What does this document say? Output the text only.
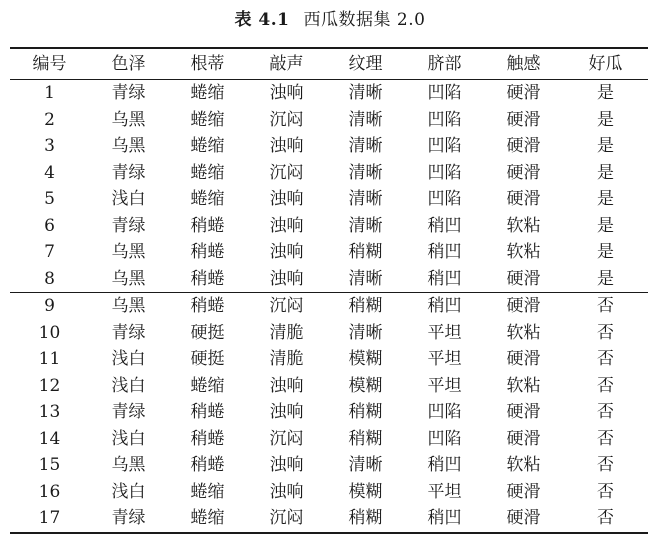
表 4.1 西瓜数据集 2.0
编号	色泽	根蒂	敲声	纹理	脐部	触感	好瓜
1	青绿	蜷缩	浊响	清晰	凹陷	硬滑	是
2	乌黑	蜷缩	沉闷	清晰	凹陷	硬滑	是
3	乌黑	蜷缩	浊响	清晰	凹陷	硬滑	是
4	青绿	蜷缩	沉闷	清晰	凹陷	硬滑	是
5	浅白	蜷缩	浊响	清晰	凹陷	硬滑	是
6	青绿	稍蜷	浊响	清晰	稍凹	软粘	是
7	乌黑	稍蜷	浊响	稍糊	稍凹	软粘	是
8	乌黑	稍蜷	浊响	清晰	稍凹	硬滑	是
9	乌黑	稍蜷	沉闷	稍糊	稍凹	硬滑	否
10	青绿	硬挺	清脆	清晰	平坦	软粘	否
11	浅白	硬挺	清脆	模糊	平坦	硬滑	否
12	浅白	蜷缩	浊响	模糊	平坦	软粘	否
13	青绿	稍蜷	浊响	稍糊	凹陷	硬滑	否
14	浅白	稍蜷	沉闷	稍糊	凹陷	硬滑	否
15	乌黑	稍蜷	浊响	清晰	稍凹	软粘	否
16	浅白	蜷缩	浊响	模糊	平坦	硬滑	否
17	青绿	蜷缩	沉闷	稍糊	稍凹	硬滑	否
